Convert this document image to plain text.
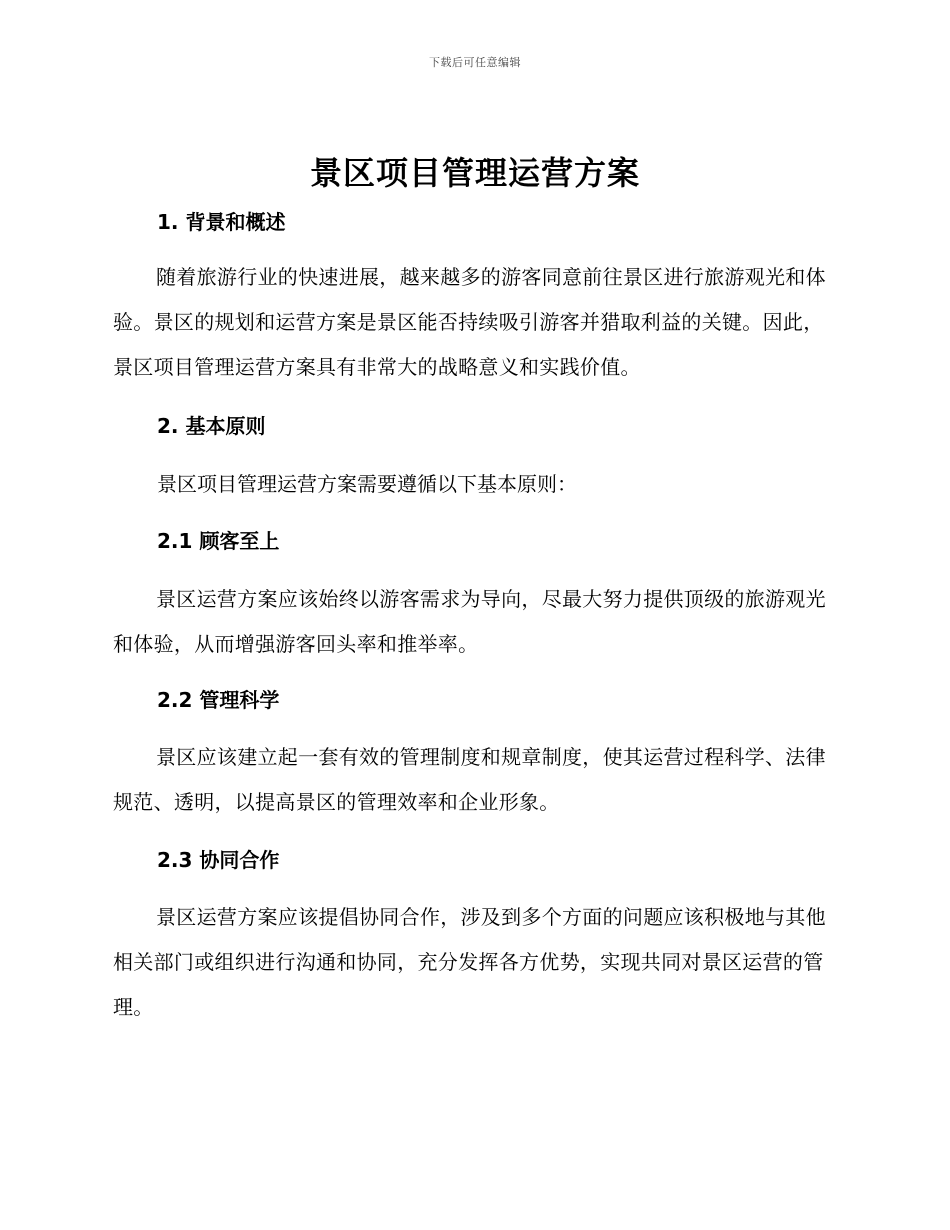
下载后可任意编辑
景区项目管理运营方案
1. 背景和概述
随着旅游行业的快速进展，越来越多的游客同意前往景区进行旅游观光和体验。景区的规划和运营方案是景区能否持续吸引游客并猎取利益的关键。因此，景区项目管理运营方案具有非常大的战略意义和实践价值。
2. 基本原则
景区项目管理运营方案需要遵循以下基本原则：
2.1 顾客至上
景区运营方案应该始终以游客需求为导向，尽最大努力提供顶级的旅游观光和体验，从而增强游客回头率和推举率。
2.2 管理科学
景区应该建立起一套有效的管理制度和规章制度，使其运营过程科学、法律规范、透明，以提高景区的管理效率和企业形象。
2.3 协同合作
景区运营方案应该提倡协同合作，涉及到多个方面的问题应该积极地与其他相关部门或组织进行沟通和协同，充分发挥各方优势，实现共同对景区运营的管理。
